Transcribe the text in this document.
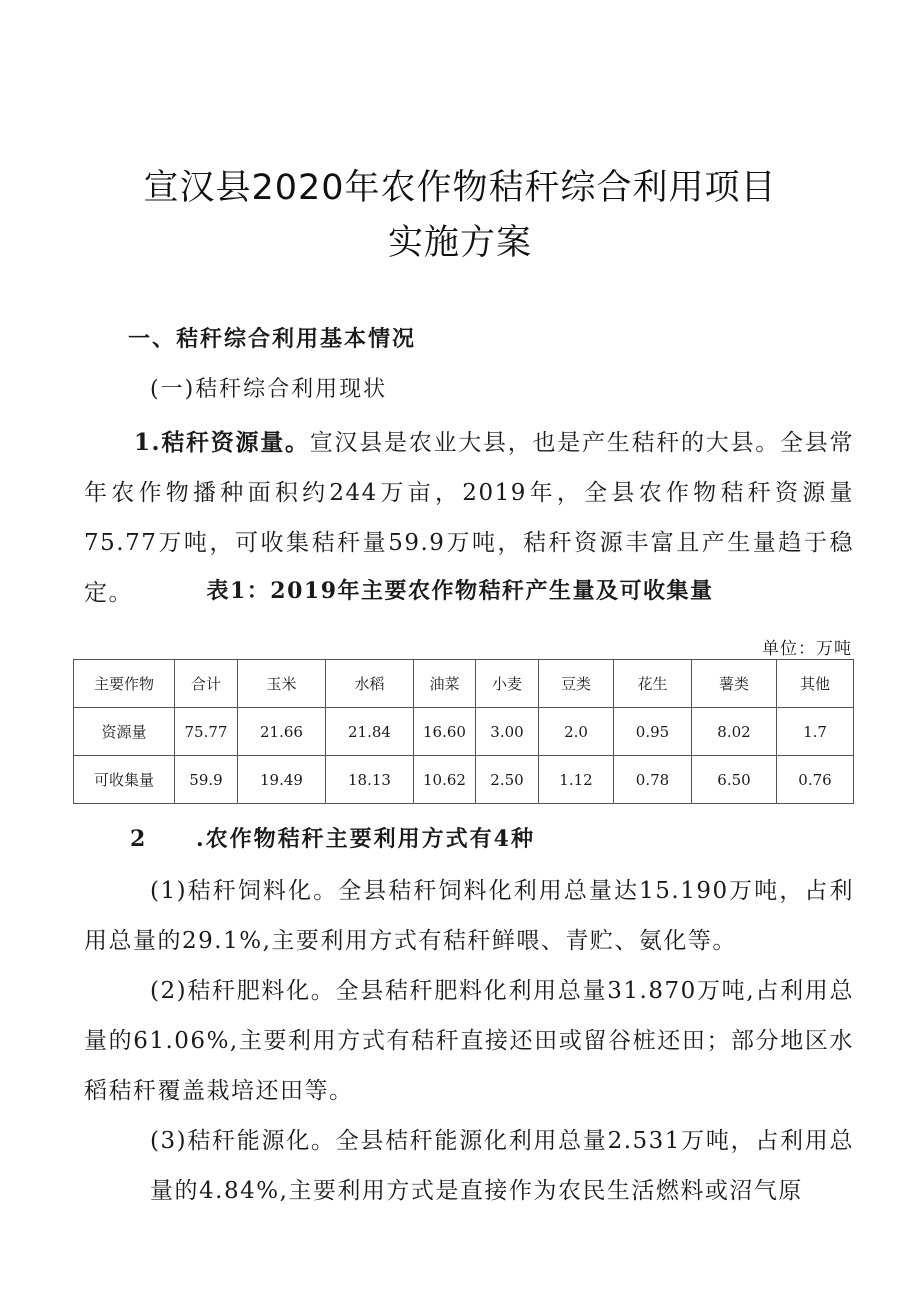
宣汉县2020年农作物秸秆综合利用项目
实施方案
一、秸秆综合利用基本情况
(一)秸秆综合利用现状
1.秸秆资源量。宣汉县是农业大县，也是产生秸秆的大县。全县常年农作物播种面积约244万亩，2019年，全县农作物秸秆资源量75.77万吨，可收集秸秆量59.9万吨，秸秆资源丰富且产生量趋于稳定。	表1：2019年主要农作物秸秆产生量及可收集量
单位：万吨
主要作物	合计	玉米	水稻	油菜	小麦	豆类	花生	薯类	其他
资源量	75.77	21.66	21.84	16.60	3.00	2.0	0.95	8.02	1.7
可收集量	59.9	19.49	18.13	10.62	2.50	1.12	0.78	6.50	0.76
2 .农作物秸秆主要利用方式有4种
(1)秸秆饲料化。全县秸秆饲料化利用总量达15.190万吨，占利用总量的29.1%,主要利用方式有秸秆鲜喂、青贮、氨化等。
(2)秸秆肥料化。全县秸秆肥料化利用总量31.870万吨,占利用总量的61.06%,主要利用方式有秸秆直接还田或留谷桩还田；部分地区水稻秸秆覆盖栽培还田等。
(3)秸秆能源化。全县桔秆能源化利用总量2.531万吨，占利用总量的4.84%,主要利用方式是直接作为农民生活燃料或沼气原
